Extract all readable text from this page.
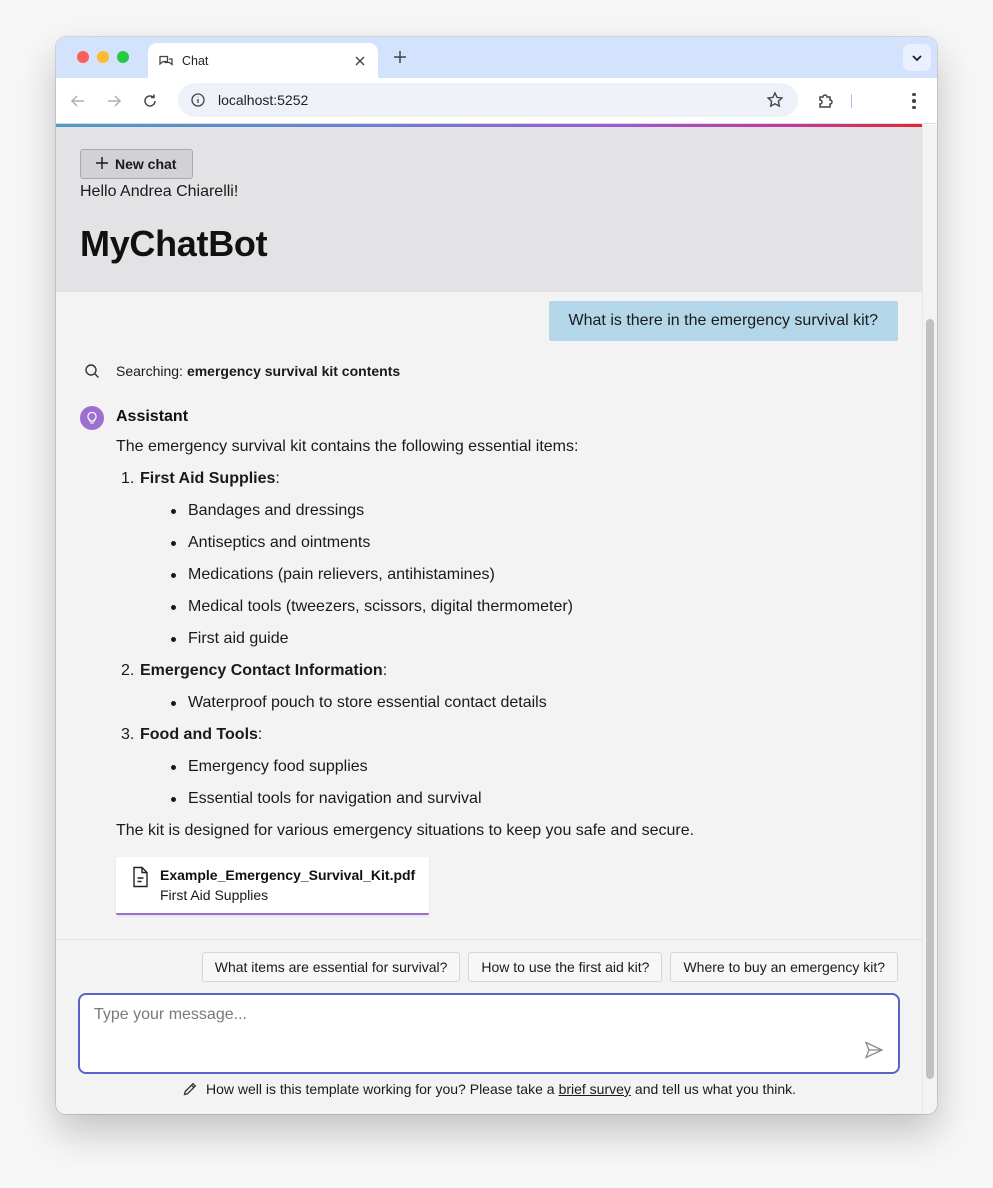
Chat
localhost:5252
New chat
Hello Andrea Chiarelli!
MyChatBot
What is there in the emergency survival kit?
Searching: emergency survival kit contents
Assistant

The emergency survival kit contains the following essential items:

1. First Aid Supplies:
Bandages and dressings
Antiseptics and ointments
Medications (pain relievers, antihistamines)
Medical tools (tweezers, scissors, digital thermometer)
First aid guide
2. Emergency Contact Information:
Waterproof pouch to store essential contact details
3. Food and Tools:
Emergency food supplies
Essential tools for navigation and survival

The kit is designed for various emergency situations to keep you safe and secure.

Example_Emergency_Survival_Kit.pdf
First Aid Supplies
What items are essential for survival?	How to use the first aid kit?	Where to buy an emergency kit?
Type your message...
How well is this template working for you? Please take a brief survey and tell us what you think.
